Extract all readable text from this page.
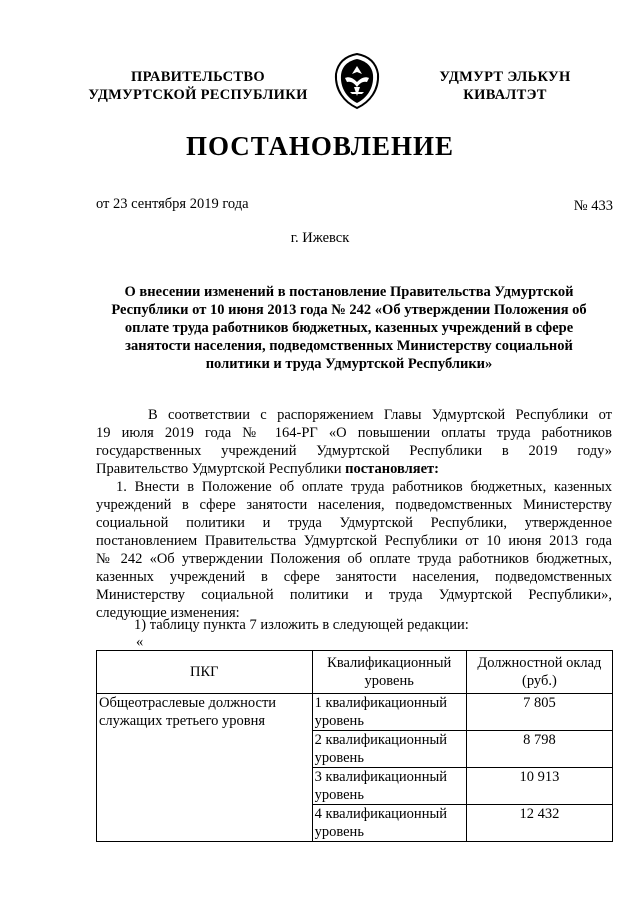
ПРАВИТЕЛЬСТВО
УДМУРТСКОЙ РЕСПУБЛИКИ
УДМУРТ ЭЛЬКУН
КИВАЛТЭТ
ПОСТАНОВЛЕНИЕ
от 23 сентября 2019 года	№ 433
г. Ижевск
О внесении изменений в постановление Правительства Удмуртской
Республики от 10 июня 2013 года № 242 «Об утверждении Положения об
оплате труда работников бюджетных, казенных учреждений в сфере
занятости населения, подведомственных Министерству социальной
политики и труда Удмуртской Республики»
В соответствии с распоряжением Главы Удмуртской Республики от
19 июля 2019 года № 164-РГ «О повышении оплаты труда работников
государственных учреждений Удмуртской Республики в 2019 году»
Правительство Удмуртской Республики постановляет:
1. Внести в Положение об оплате труда работников бюджетных, казенных
учреждений в сфере занятости населения, подведомственных Министерству
социальной политики и труда Удмуртской Республики, утвержденное
постановлением Правительства Удмуртской Республики от 10 июня 2013 года
№ 242 «Об утверждении Положения об оплате труда работников бюджетных,
казенных учреждений в сфере занятости населения, подведомственных
Министерству социальной политики и труда Удмуртской Республики»,
следующие изменения:
1) таблицу пункта 7 изложить в следующей редакции:
«
ПКГ	Квалификационный уровень	Должностной оклад (руб.)
Общеотраслевые должности служащих третьего уровня	1 квалификационный уровень	7 805
	2 квалификационный уровень	8 798
	3 квалификационный уровень	10 913
	4 квалификационный уровень	12 432
